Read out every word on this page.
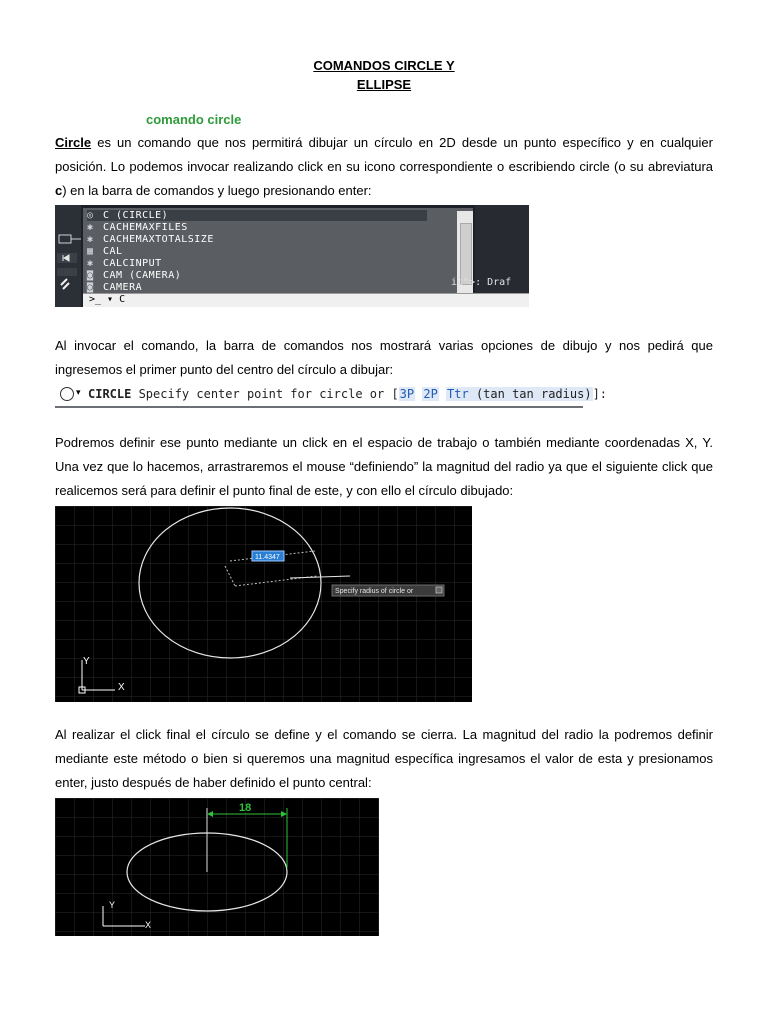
COMANDOS CIRCLE Y
ELLIPSE
comando circle
Circle es un comando que nos permitirá dibujar un círculo en 2D desde un punto específico y en cualquier posición. Lo podemos invocar realizando click en su icono correspondiente o escribiendo circle (o su abreviatura c) en la barra de comandos y luego presionando enter:
◎ C (CIRCLE)
✱ CACHEMAXFILES
✱ CACHEMAXTOTALSIZE
▦ CAL
✱ CALCINPUT
◙ CAM (CAMERA)
◙ CAMERA	ic">: Draf
>_ ▾ C
Al invocar el comando, la barra de comandos nos mostrará varias opciones de dibujo y nos pedirá que ingresemos el primer punto del centro del círculo a dibujar:
▾ CIRCLE Specify center point for circle or [3P 2P Ttr (tan tan radius)]:
Podremos definir ese punto mediante un click en el espacio de trabajo o también mediante coordenadas X, Y. Una vez que lo hacemos, arrastraremos el mouse “definiendo” la magnitud del radio ya que el siguiente click que realicemos será para definir el punto final de este, y con ello el círculo dibujado:
11.4347
Specify radius of circle or
Y
X
Al realizar el click final el círculo se define y el comando se cierra. La magnitud del radio la podremos definir mediante este método o bien si queremos una magnitud específica ingresamos el valor de esta y presionamos enter, justo después de haber definido el punto central:
18
Y
X
